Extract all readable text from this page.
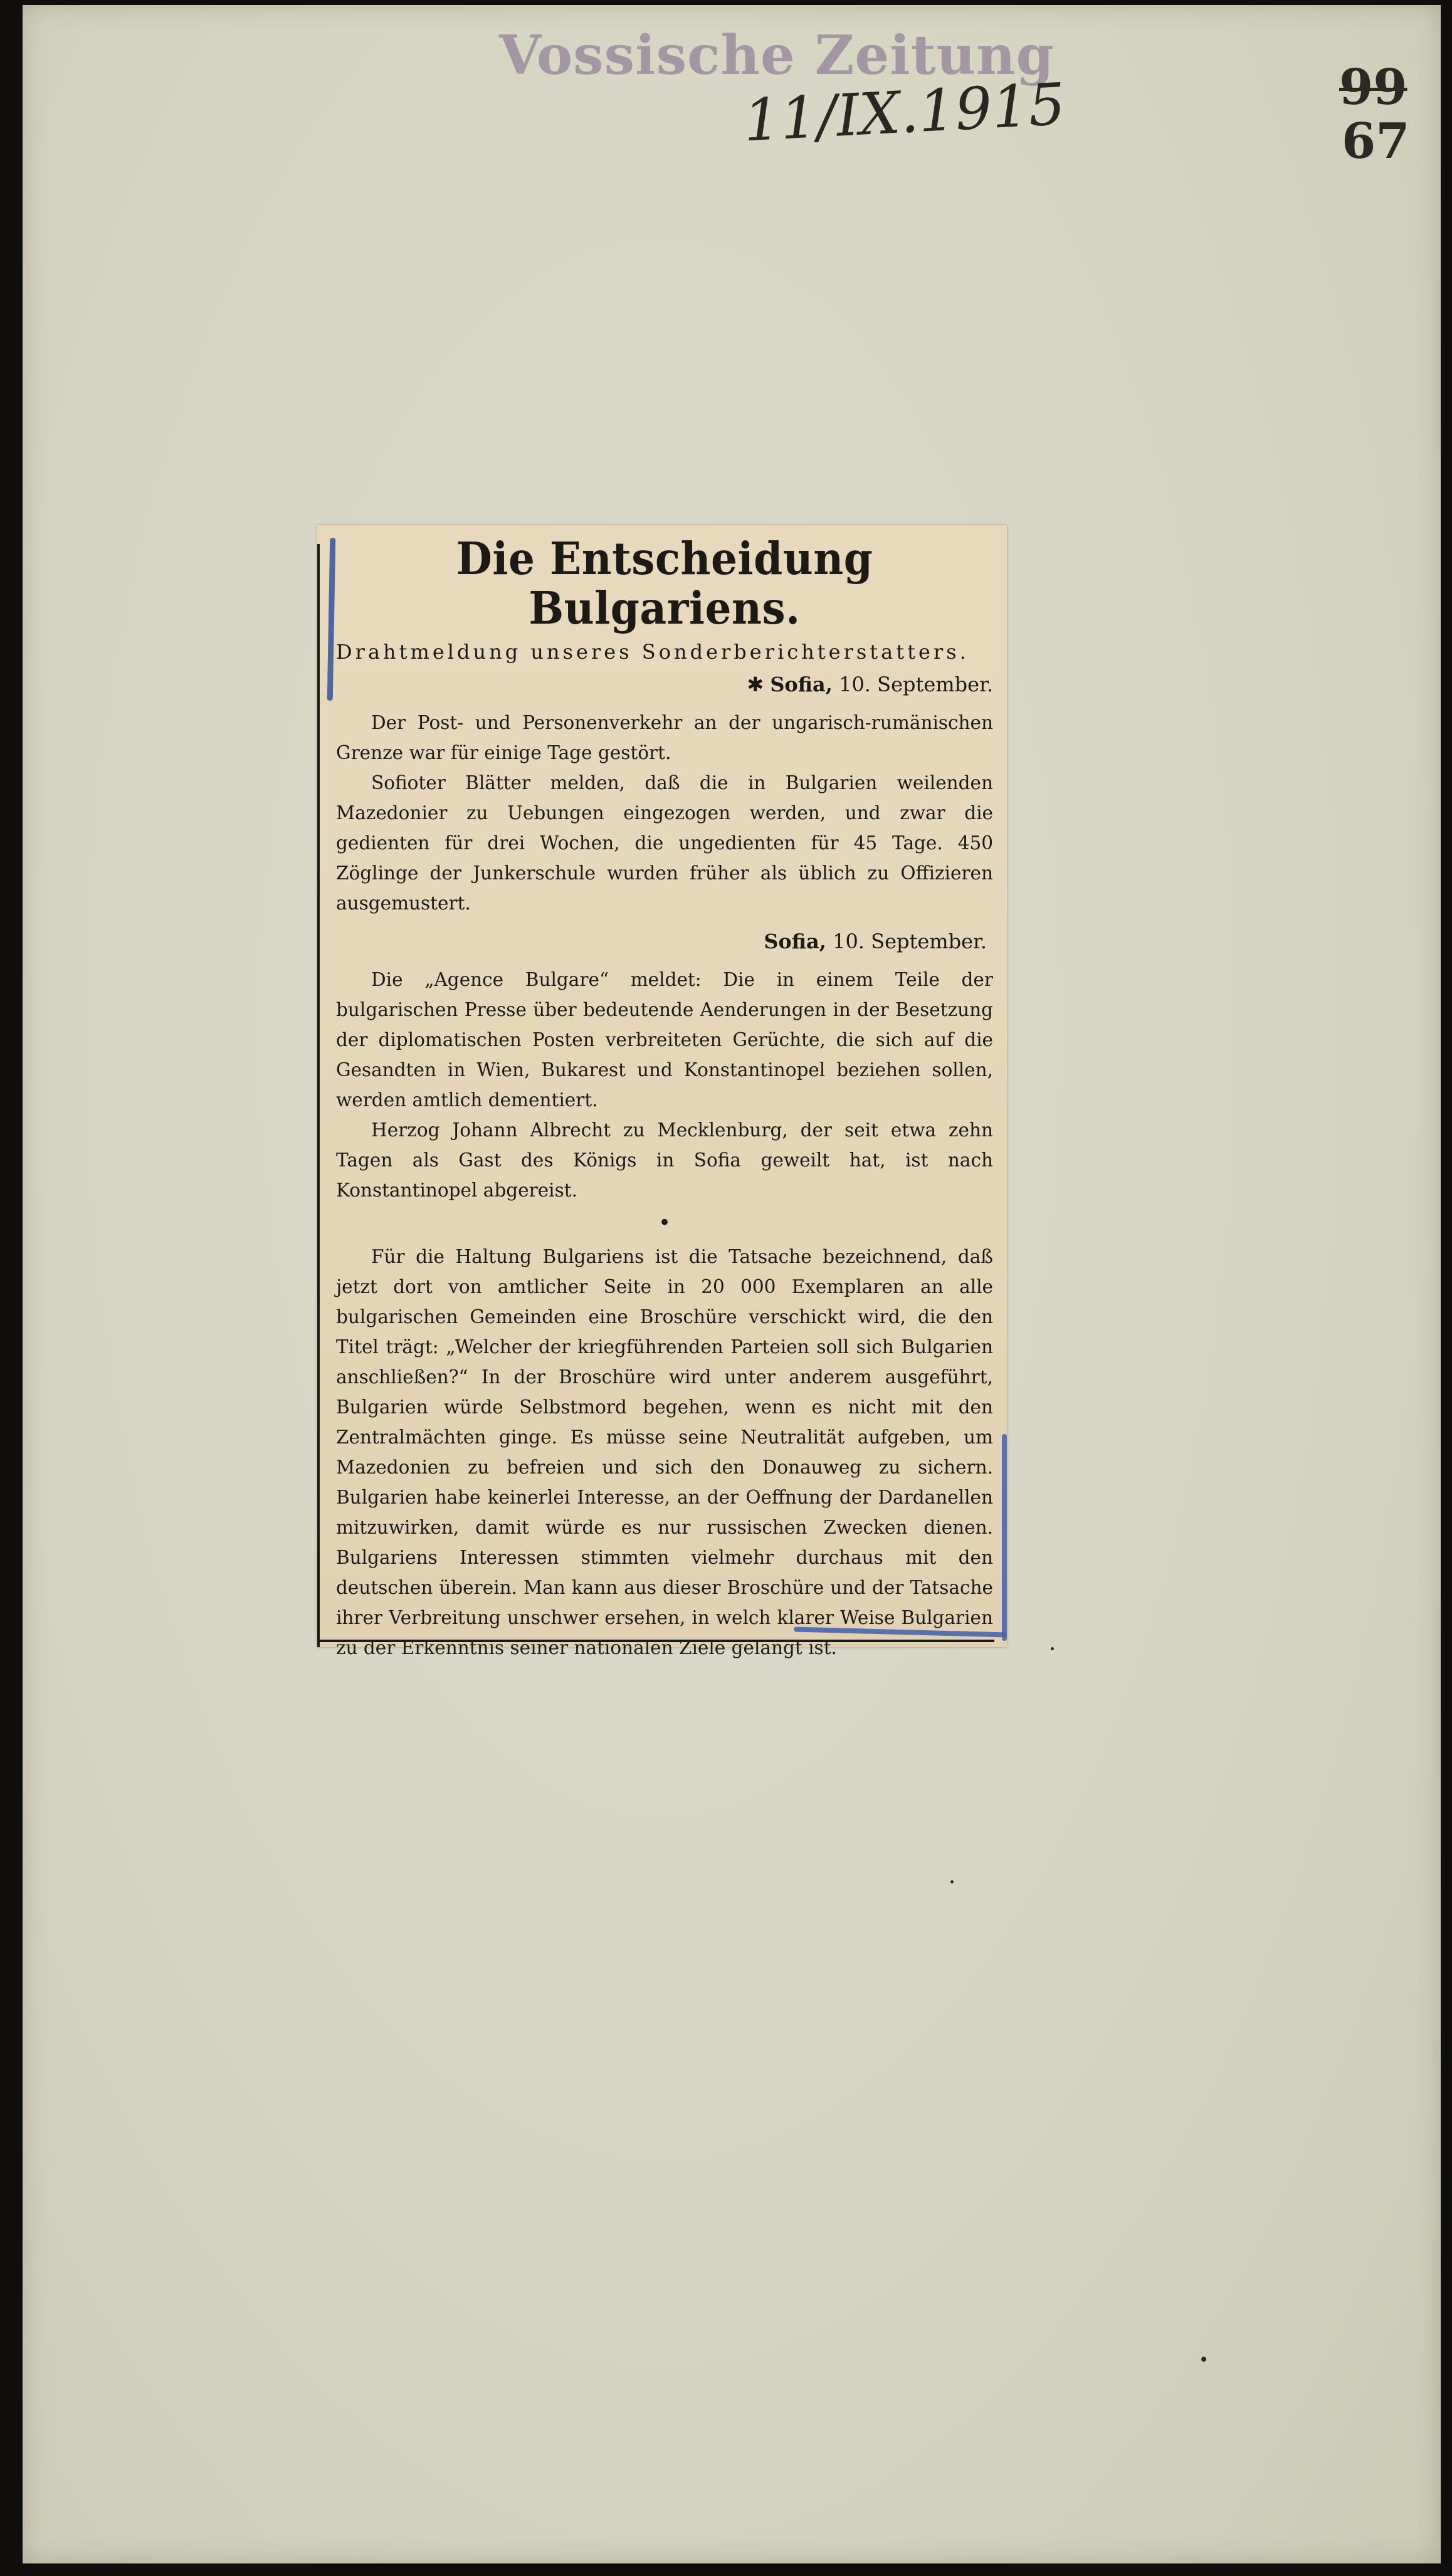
Vossische Zeitung
11/IX.1915	99
67
Die Entscheidung Bulgariens.
Drahtmeldung unseres Sonderberichterstatters.
✱ Sofia, 10. September.

Der Post- und Personenverkehr an der ungarisch-rumänischen Grenze war für einige Tage gestört.

Sofioter Blätter melden, daß die in Bulgarien weilenden Mazedonier zu Uebungen eingezogen werden, und zwar die gedienten für drei Wochen, die ungedienten für 45 Tage. 450 Zöglinge der Junkerschule wurden früher als üblich zu Offizieren ausgemustert.

Sofia, 10. September.

Die „Agence Bulgare“ meldet: Die in einem Teile der bulgarischen Presse über bedeutende Aenderungen in der Besetzung der diplomatischen Posten verbreiteten Gerüchte, die sich auf die Gesandten in Wien, Bukarest und Konstantinopel beziehen sollen, werden amtlich dementiert.

Herzog Johann Albrecht zu Mecklenburg, der seit etwa zehn Tagen als Gast des Königs in Sofia geweilt hat, ist nach Konstantinopel abgereist.

•

Für die Haltung Bulgariens ist die Tatsache bezeichnend, daß jetzt dort von amtlicher Seite in 20 000 Exemplaren an alle bulgarischen Gemeinden eine Broschüre verschickt wird, die den Titel trägt: „Welcher der kriegführenden Parteien soll sich Bulgarien anschließen?“ In der Broschüre wird unter anderem ausgeführt, Bulgarien würde Selbstmord begehen, wenn es nicht mit den Zentralmächten ginge. Es müsse seine Neutralität aufgeben, um Mazedonien zu befreien und sich den Donauweg zu sichern. Bulgarien habe keinerlei Interesse, an der Oeffnung der Dardanellen mitzuwirken, damit würde es nur russischen Zwecken dienen. Bulgariens Interessen stimmten vielmehr durchaus mit den deutschen überein. Man kann aus dieser Broschüre und der Tatsache ihrer Verbreitung unschwer ersehen, in welch klarer Weise Bulgarien zu der Erkenntnis seiner nationalen Ziele gelangt ist.
